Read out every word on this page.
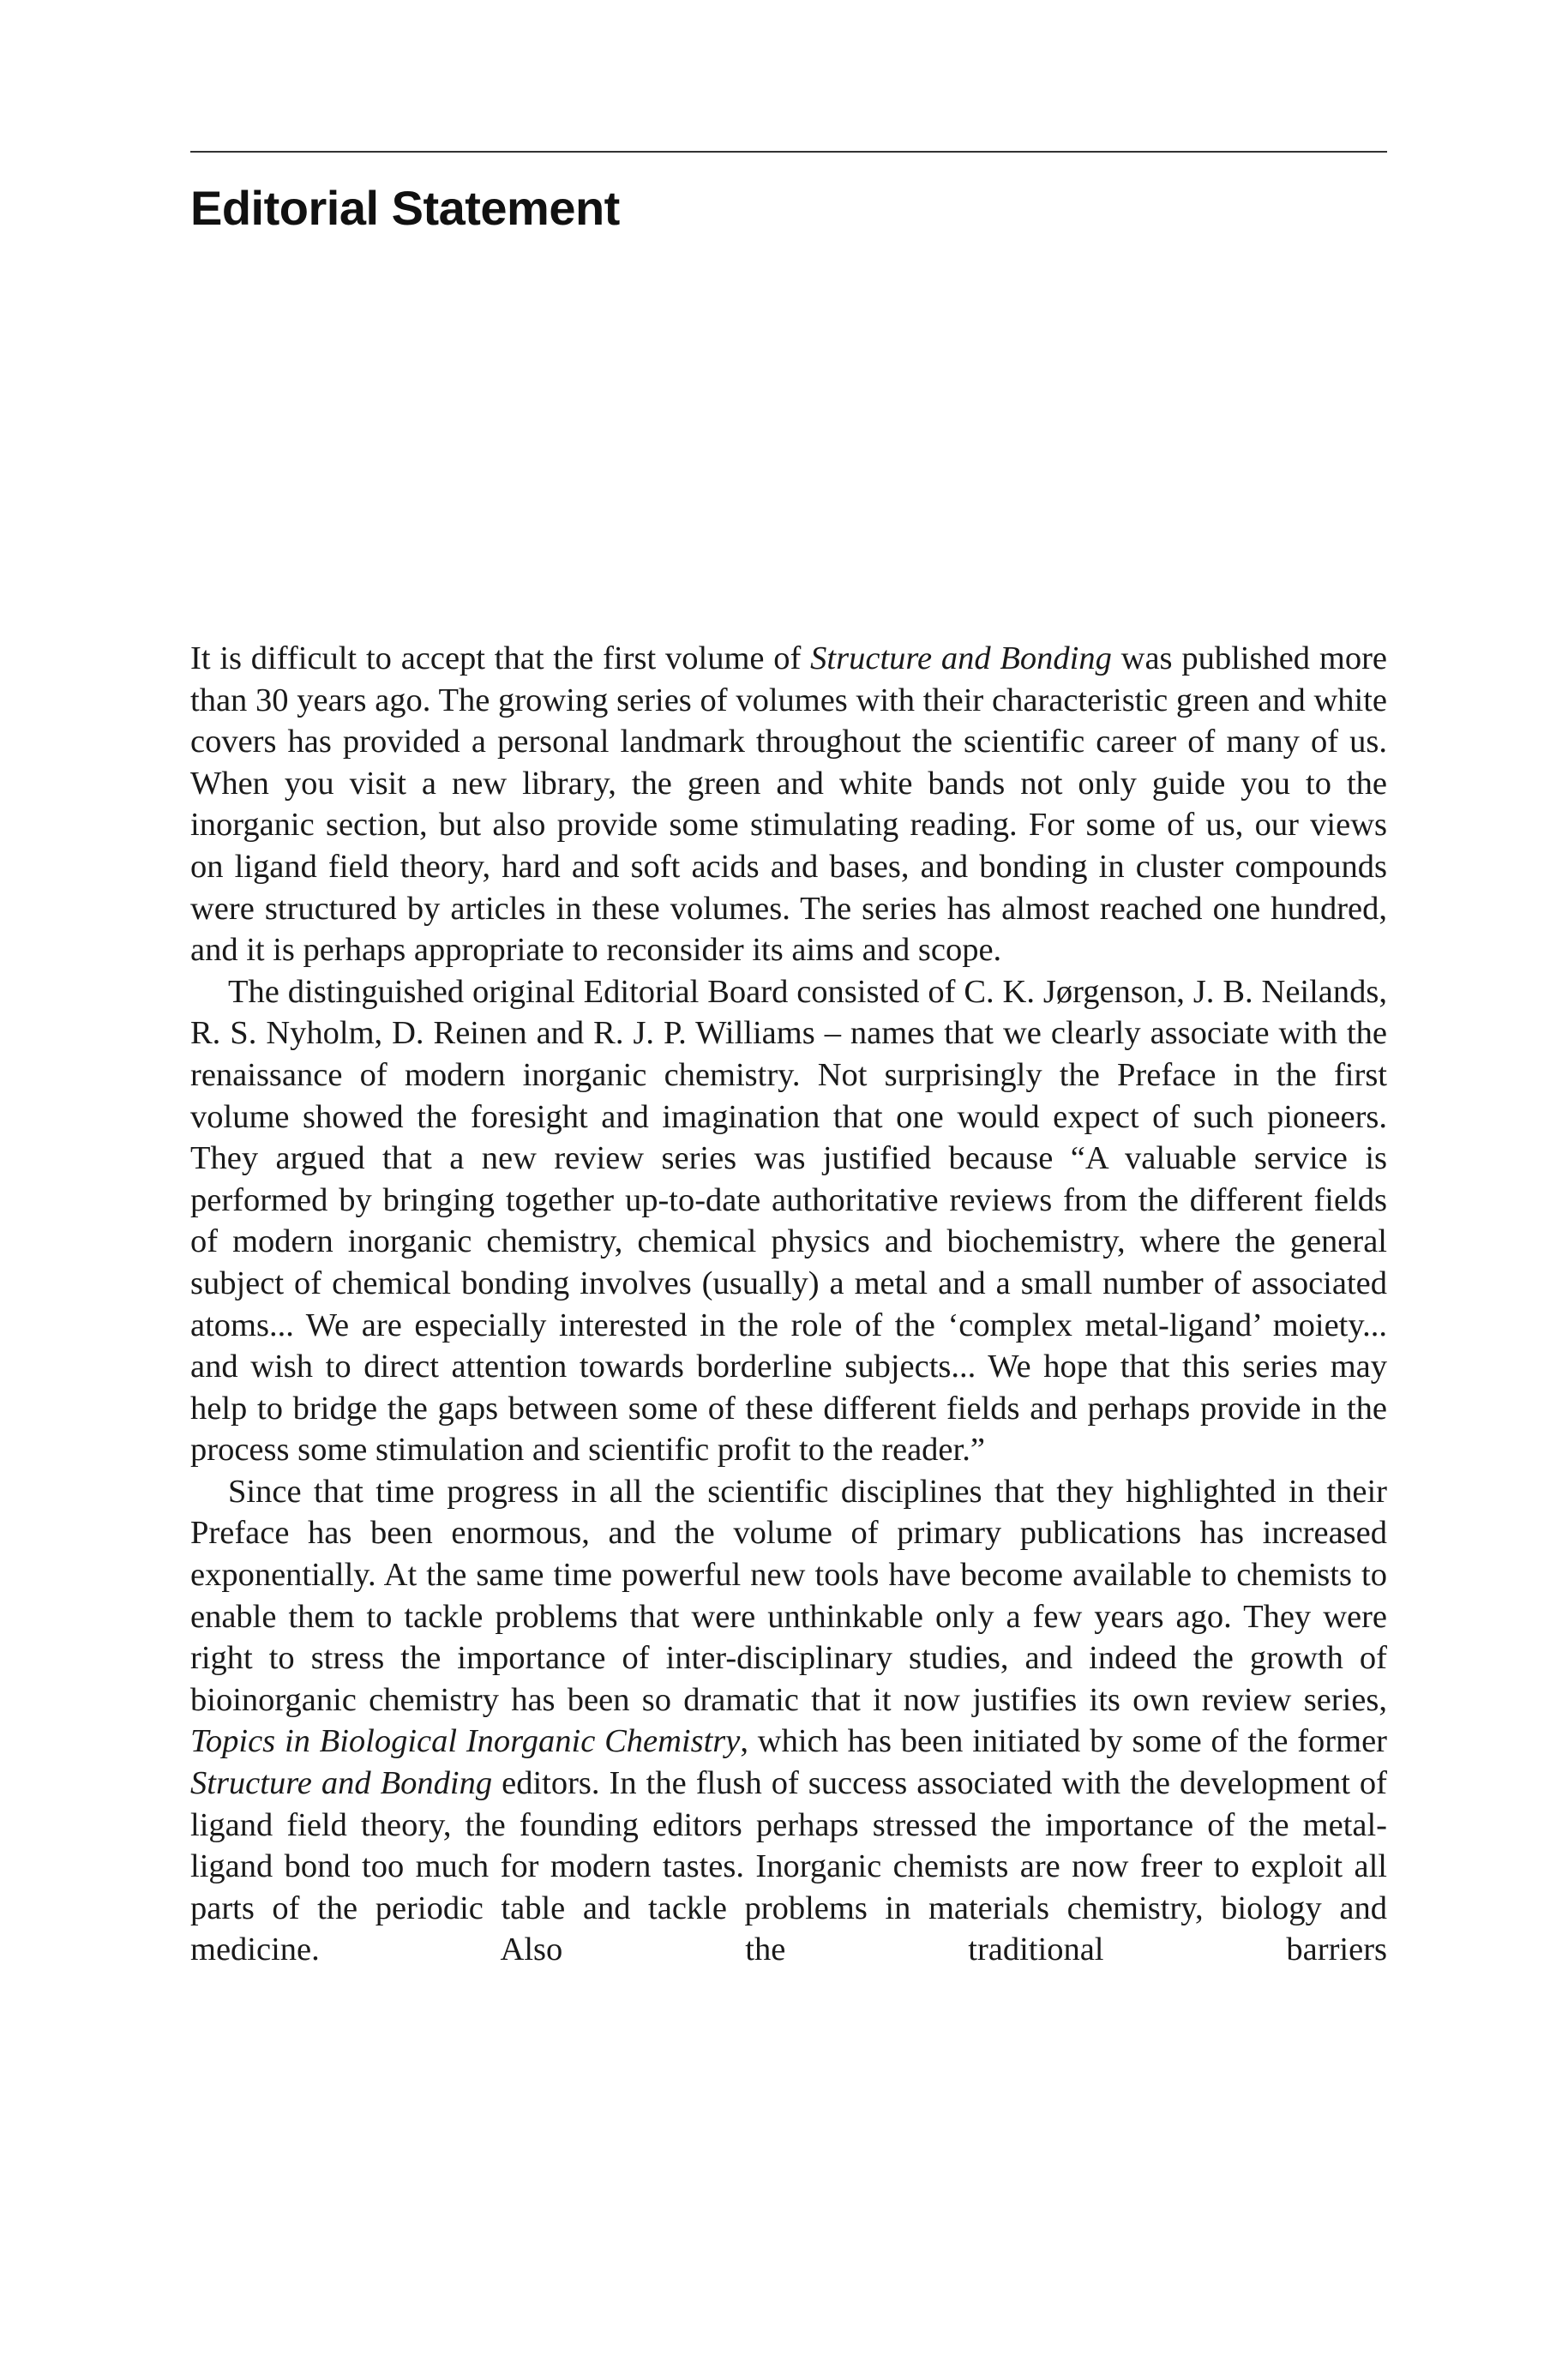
Editorial Statement

It is difficult to accept that the first volume of Structure and Bonding was published more than 30 years ago. The growing series of volumes with their characteristic green and white covers has provided a personal landmark throughout the scientific career of many of us. When you visit a new library, the green and white bands not only guide you to the inorganic section, but also provide some stimulating reading. For some of us, our views on ligand field theory, hard and soft acids and bases, and bonding in cluster compounds were structured by articles in these volumes. The series has almost reached one hundred, and it is perhaps appropriate to reconsider its aims and scope.

The distinguished original Editorial Board consisted of C. K. Jørgenson, J. B. Neilands, R. S. Nyholm, D. Reinen and R. J. P. Williams – names that we clearly associate with the renaissance of modern inorganic chemistry. Not surprisingly the Preface in the first volume showed the foresight and imagination that one would expect of such pioneers. They argued that a new review series was justified because “A valuable service is performed by bringing together up-to-date authoritative reviews from the different fields of modern inorganic chemistry, chemical physics and biochemistry, where the general subject of chemical bonding involves (usually) a metal and a small number of associated atoms... We are especially interested in the role of the ‘complex metal-ligand’ moiety... and wish to direct attention towards borderline subjects... We hope that this series may help to bridge the gaps between some of these different fields and perhaps provide in the process some stimulation and scientific profit to the reader.”

Since that time progress in all the scientific disciplines that they highlighted in their Preface has been enormous, and the volume of primary publications has increased exponentially. At the same time powerful new tools have become available to chemists to enable them to tackle problems that were unthinkable only a few years ago. They were right to stress the importance of inter-disciplinary studies, and indeed the growth of bioinorganic chemistry has been so dramatic that it now justifies its own review series, Topics in Biological Inorganic Chemistry, which has been initiated by some of the former Structure and Bonding editors. In the flush of success associated with the development of ligand field theory, the founding editors perhaps stressed the importance of the metal-ligand bond too much for modern tastes. Inorganic chemists are now freer to exploit all parts of the periodic table and tackle problems in materials chemistry, biology and medicine. Also the traditional barriers
